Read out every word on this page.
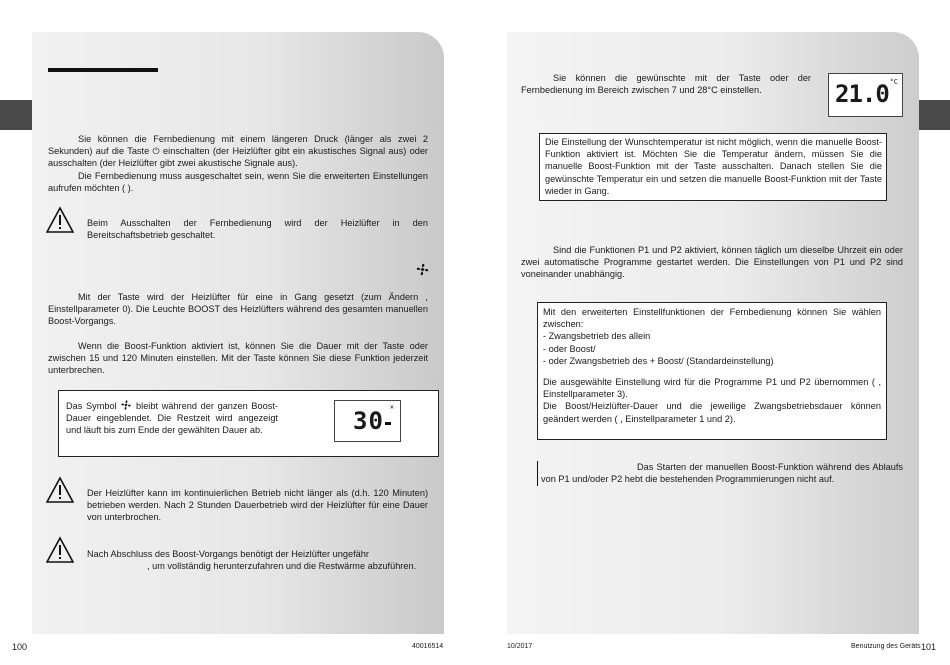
Sie können die Fernbedienung mit einem längeren Druck (länger als zwei 2 Sekunden) auf die Taste ⏻ einschalten (der Heizlüfter gibt ein akustisches Signal aus) oder ausschalten (der Heizlüfter gibt zwei akustische Signale aus).

Die Fernbedienung muss ausgeschaltet sein, wenn Sie die erweiterten Einstellungen aufrufen möchten ( ).

Beim Ausschalten der Fernbedienung wird der Heizlüfter in den Bereitschaftsbetrieb geschaltet.
Mit der Taste wird der Heizlüfter für eine in Gang gesetzt (zum Ändern , Einstellparameter 0). Die Leuchte BOOST des Heizlüfters während des gesamten manuellen Boost-Vorgangs.
Wenn die Boost-Funktion aktiviert ist, können Sie die Dauer mit der Taste oder zwischen 15 und 120 Minuten einstellen. Mit der Taste können Sie diese Funktion jederzeit unterbrechen.
Das Symbol bleibt während der ganzen Boost-Dauer eingeblendet. Die Restzeit wird angezeigt und läuft bis zum Ende der gewählten Dauer ab.	30 ✕
Der Heizlüfter kann im kontinuierlichen Betrieb nicht länger als (d.h. 120 Minuten) betrieben werden. Nach 2 Stunden Dauerbetrieb wird der Heizlüfter für eine Dauer von unterbrochen.

Nach Abschluss des Boost-Vorgangs benötigt der Heizlüfter ungefähr

, um vollständig herunterzufahren und die Restwärme abzuführen.

100	40016514
Sie können die gewünschte mit der Taste oder der Fernbedienung im Bereich zwischen 7 und 28°C einstellen.	21.0 °C
Die Einstellung der Wunschtemperatur ist nicht möglich, wenn die manuelle Boost-Funktion aktiviert ist. Möchten Sie die Temperatur ändern, müssen Sie die manuelle Boost-Funktion mit der Taste ausschalten. Danach stellen Sie die gewünschte Temperatur ein und setzen die manuelle Boost-Funktion mit der Taste wieder in Gang.
Sind die Funktionen P1 und P2 aktiviert, können täglich um dieselbe Uhrzeit ein oder zwei automatische Programme gestartet werden. Die Einstellungen von P1 und P2 sind voneinander unabhängig.

Mit den erweiterten Einstellfunktionen der Fernbedienung können Sie wählen zwischen:

- Zwangsbetrieb des allein

- oder Boost/

- oder Zwangsbetrieb des + Boost/ (Standardeinstellung)

Die ausgewählte Einstellung wird für die Programme P1 und P2 übernommen ( , Einstellparameter 3).

Die Boost/Heizlüfter-Dauer und die jeweilige Zwangsbetriebsdauer können geändert werden ( , Einstellparameter 1 und 2).

Das Starten der manuellen Boost-Funktion während des Ablaufs von P1 und/oder P2 hebt die bestehenden Programmierungen nicht auf.
10/2017	Benutzung des Geräts 101
